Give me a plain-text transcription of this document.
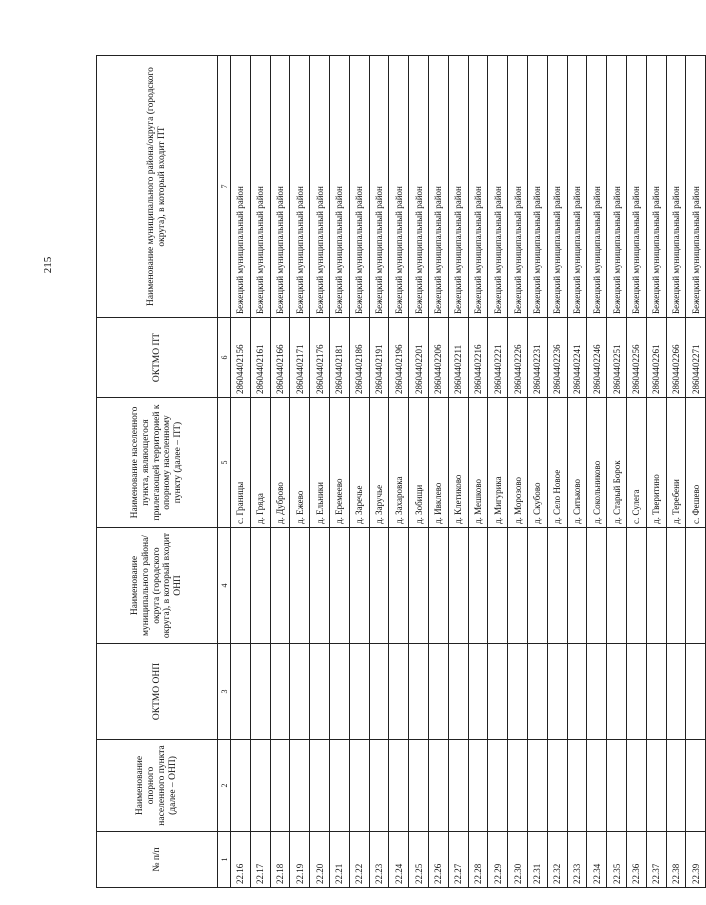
215
№ п/п	Наименование опорного населенного пункта (далее – ОНП)	ОКТМО ОНП	Наименование муниципального района/округа (городского округа), в который входит ОНП	Наименование населенного пункта, являющегося прилегающей территорией к опорному населенному пункту (далее – ПТ)	ОКТМО ПТ	Наименование муниципального района/округа (городского округа), в который входит ПТ
1	2	3	4	5	6	7
22.16				с. Границы	28604402156	Бежецкий муниципальный район
22.17				д. Гряда	28604402161	Бежецкий муниципальный район
22.18				д. Дуброво	28604402166	Бежецкий муниципальный район
22.19				д. Ежево	28604402171	Бежецкий муниципальный район
22.20				д. Ельники	28604402176	Бежецкий муниципальный район
22.21				д. Еремеево	28604402181	Бежецкий муниципальный район
22.22				д. Заречье	28604402186	Бежецкий муниципальный район
22.23				д. Заручье	28604402191	Бежецкий муниципальный район
22.24				д. Захаровка	28604402196	Бежецкий муниципальный район
22.25				д. Зобищи	28604402201	Бежецкий муниципальный район
22.26				д. Ивклево	28604402206	Бежецкий муниципальный район
22.27				д. Клетиково	28604402211	Бежецкий муниципальный район
22.28				д. Мешково	28604402216	Бежецкий муниципальный район
22.29				д. Мигурика	28604402221	Бежецкий муниципальный район
22.30				д. Морозово	28604402226	Бежецкий муниципальный район
22.31				д. Скубово	28604402231	Бежецкий муниципальный район
22.32				д. Село Новое	28604402236	Бежецкий муниципальный район
22.33				д. Ситьково	28604402241	Бежецкий муниципальный район
22.34				д. Сокольниково	28604402246	Бежецкий муниципальный район
22.35				д. Старый Борок	28604402251	Бежецкий муниципальный район
22.36				с. Сулега	28604402256	Бежецкий муниципальный район
22.37				д. Тверитино	28604402261	Бежецкий муниципальный район
22.38				д. Теребени	28604402266	Бежецкий муниципальный район
22.39				с. Фешево	28604402271	Бежецкий муниципальный район
